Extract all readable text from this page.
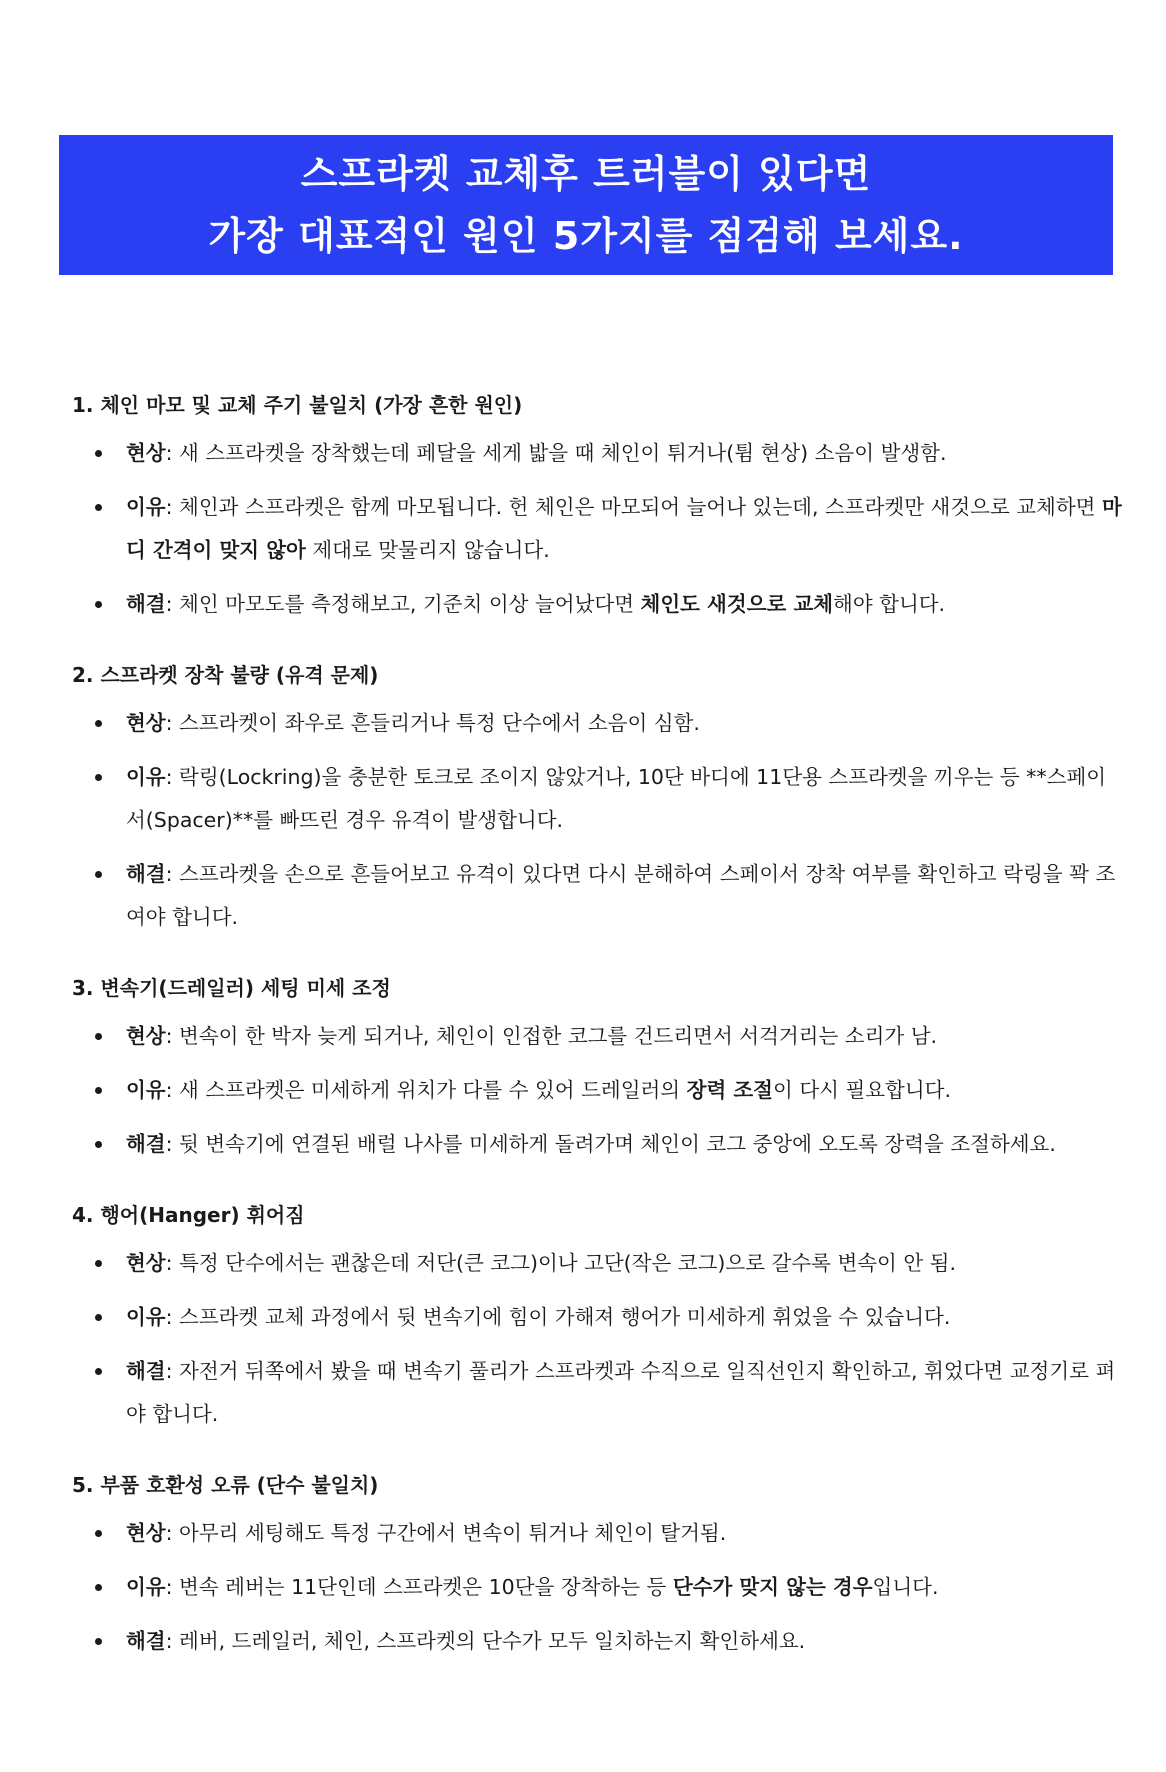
스프라켓 교체후 트러블이 있다면
가장 대표적인 원인 5가지를 점검해 보세요.
1. 체인 마모 및 교체 주기 불일치 (가장 흔한 원인)
현상: 새 스프라켓을 장착했는데 페달을 세게 밟을 때 체인이 튀거나(튐 현상) 소음이 발생함.
이유: 체인과 스프라켓은 함께 마모됩니다. 헌 체인은 마모되어 늘어나 있는데, 스프라켓만 새것으로 교체하면 마디 간격이 맞지 않아 제대로 맞물리지 않습니다.
해결: 체인 마모도를 측정해보고, 기준치 이상 늘어났다면 체인도 새것으로 교체해야 합니다.
2. 스프라켓 장착 불량 (유격 문제)
현상: 스프라켓이 좌우로 흔들리거나 특정 단수에서 소음이 심함.
이유: 락링(Lockring)을 충분한 토크로 조이지 않았거나, 10단 바디에 11단용 스프라켓을 끼우는 등 **스페이서(Spacer)**를 빠뜨린 경우 유격이 발생합니다.
해결: 스프라켓을 손으로 흔들어보고 유격이 있다면 다시 분해하여 스페이서 장착 여부를 확인하고 락링을 꽉 조여야 합니다.
3. 변속기(드레일러) 세팅 미세 조정
현상: 변속이 한 박자 늦게 되거나, 체인이 인접한 코그를 건드리면서 서걱거리는 소리가 남.
이유: 새 스프라켓은 미세하게 위치가 다를 수 있어 드레일러의 장력 조절이 다시 필요합니다.
해결: 뒷 변속기에 연결된 배럴 나사를 미세하게 돌려가며 체인이 코그 중앙에 오도록 장력을 조절하세요.
4. 행어(Hanger) 휘어짐
현상: 특정 단수에서는 괜찮은데 저단(큰 코그)이나 고단(작은 코그)으로 갈수록 변속이 안 됨.
이유: 스프라켓 교체 과정에서 뒷 변속기에 힘이 가해져 행어가 미세하게 휘었을 수 있습니다.
해결: 자전거 뒤쪽에서 봤을 때 변속기 풀리가 스프라켓과 수직으로 일직선인지 확인하고, 휘었다면 교정기로 펴야 합니다.
5. 부품 호환성 오류 (단수 불일치)
현상: 아무리 세팅해도 특정 구간에서 변속이 튀거나 체인이 탈거됨.
이유: 변속 레버는 11단인데 스프라켓은 10단을 장착하는 등 단수가 맞지 않는 경우입니다.
해결: 레버, 드레일러, 체인, 스프라켓의 단수가 모두 일치하는지 확인하세요.
